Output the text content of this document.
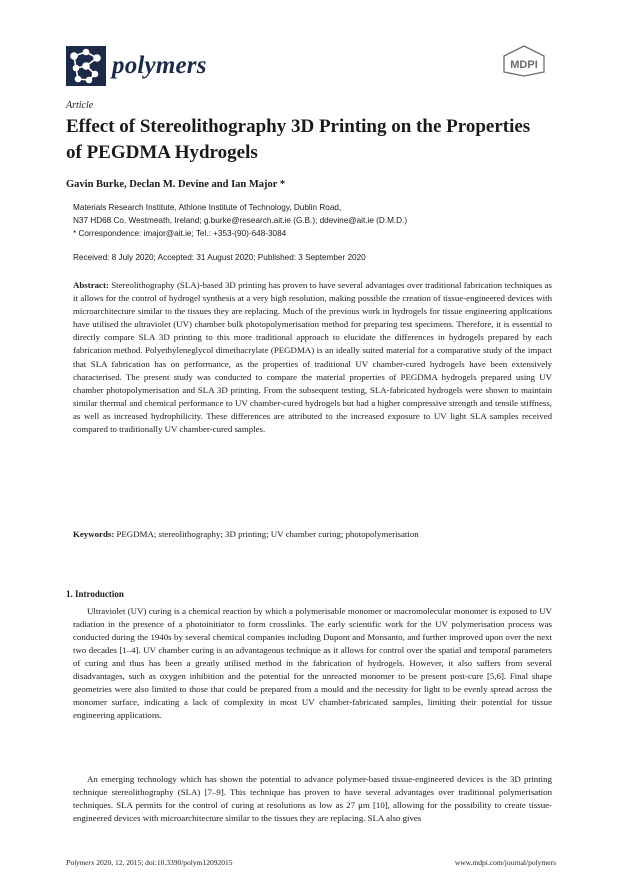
polymers	MDPI
Article
Effect of Stereolithography 3D Printing on the Properties of PEGDMA Hydrogels
Gavin Burke, Declan M. Devine and Ian Major *
Materials Research Institute, Athlone Institute of Technology, Dublin Road,
N37 HD68 Co. Westmeath, Ireland; g.burke@research.ait.ie (G.B.); ddevine@ait.ie (D.M.D.)
* Correspondence: imajor@ait.ie; Tel.: +353-(90)-648-3084
Received: 8 July 2020; Accepted: 31 August 2020; Published: 3 September 2020

Abstract: Stereolithography (SLA)-based 3D printing has proven to have several advantages over traditional fabrication techniques as it allows for the control of hydrogel synthesis at a very high resolution, making possible the creation of tissue-engineered devices with microarchitecture similar to the tissues they are replacing. Much of the previous work in hydrogels for tissue engineering applications have utilised the ultraviolet (UV) chamber bulk photopolymerisation method for preparing test specimens. Therefore, it is essential to directly compare SLA 3D printing to this more traditional approach to elucidate the differences in hydrogels prepared by each fabrication method. Polyethyleneglycol dimethacrylate (PEGDMA) is an ideally suited material for a comparative study of the impact that SLA fabrication has on performance, as the properties of traditional UV chamber-cured hydrogels have been extensively characterised. The present study was conducted to compare the material properties of PEGDMA hydrogels prepared using UV chamber photopolymerisation and SLA 3D printing. From the subsequent testing, SLA-fabricated hydrogels were shown to maintain similar thermal and chemical performance to UV chamber-cured hydrogels but had a higher compressive strength and tensile stiffness, as well as increased hydrophilicity. These differences are attributed to the increased exposure to UV light SLA samples received compared to traditionally UV chamber-cured samples.

Keywords: PEGDMA; stereolithography; 3D printing; UV chamber curing; photopolymerisation

1. Introduction

Ultraviolet (UV) curing is a chemical reaction by which a polymerisable monomer or macromolecular monomer is exposed to UV radiation in the presence of a photoinitiator to form crosslinks. The early scientific work for the UV polymerisation process was conducted during the 1940s by several chemical companies including Dupont and Monsanto, and further improved upon over the next two decades [1–4]. UV chamber curing is an advantageous technique as it allows for control over the spatial and temporal parameters of curing and thus has been a greatly utilised method in the fabrication of hydrogels. However, it also suffers from several disadvantages, such as oxygen inhibition and the potential for the unreacted monomer to be present post-cure [5,6]. Final shape geometries were also limited to those that could be prepared from a mould and the necessity for light to be evenly spread across the monomer surface, indicating a lack of complexity in most UV chamber-fabricated samples, limiting their potential for tissue engineering applications.

An emerging technology which has shown the potential to advance polymer-based tissue-engineered devices is the 3D printing technique stereolithography (SLA) [7–9]. This technique has proven to have several advantages over traditional polymerisation techniques. SLA permits for the control of curing at resolutions as low as 27 μm [10], allowing for the possibility to create tissue-engineered devices with microarchitecture similar to the tissues they are replacing. SLA also gives

Polymers 2020, 12, 2015; doi:10.3390/polym12092015	www.mdpi.com/journal/polymers
